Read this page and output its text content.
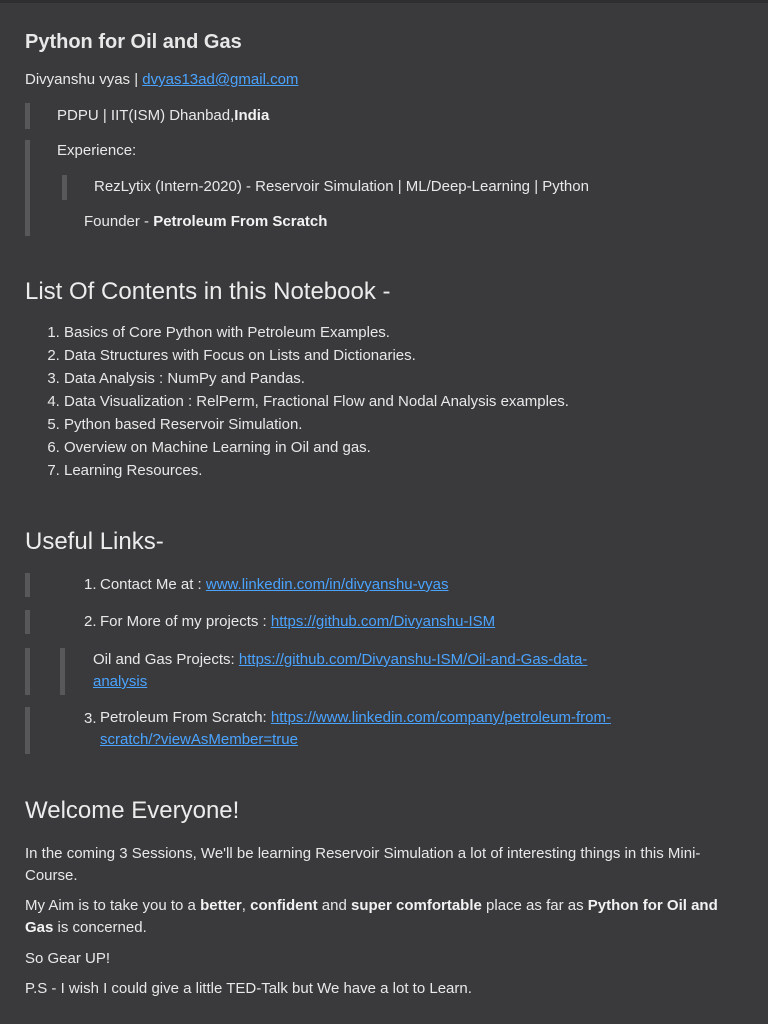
Python for Oil and Gas

Divyanshu vyas | dvyas13ad@gmail.com

PDPU | IIT(ISM) Dhanbad,India

Experience:

RezLytix (Intern-2020) - Reservoir Simulation | ML/Deep-Learning | Python

Founder - Petroleum From Scratch

List Of Contents in this Notebook -
1. Basics of Core Python with Petroleum Examples.
2. Data Structures with Focus on Lists and Dictionaries.
3. Data Analysis : NumPy and Pandas.
4. Data Visualization : RelPerm, Fractional Flow and Nodal Analysis examples.
5. Python based Reservoir Simulation.
6. Overview on Machine Learning in Oil and gas.
7. Learning Resources.
Useful Links-
1. Contact Me at : www.linkedin.com/in/divyanshu-vyas
2. For More of my projects : https://github.com/Divyanshu-ISM
Oil and Gas Projects: https://github.com/Divyanshu-ISM/Oil-and-Gas-data-analysis
3. Petroleum From Scratch: https://www.linkedin.com/company/petroleum-from-scratch/?viewAsMember=true
Welcome Everyone!

In the coming 3 Sessions, We'll be learning Reservoir Simulation a lot of interesting things in this Mini-Course.

My Aim is to take you to a better, confident and super comfortable place as far as Python for Oil and Gas is concerned.

So Gear UP!

P.S - I wish I could give a little TED-Talk but We have a lot to Learn.
